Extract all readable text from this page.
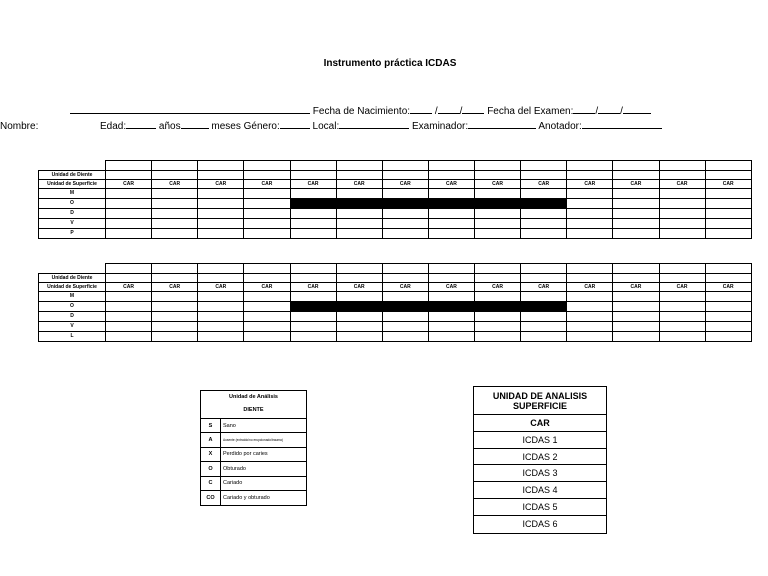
Instrumento práctica ICDAS
Fecha de Nacimiento: / / Fecha del Examen: / /
Nombre:	Edad:	años	meses Género:	Local:	Examinador:	Anotador:

Unidad de Diente														
Unidad de Superficie	CAR	CAR	CAR	CAR	CAR	CAR	CAR	CAR	CAR	CAR	CAR	CAR	CAR	CAR
M														
O														
D														
V														
P														

Unidad de Diente														
Unidad de Superficie	CAR	CAR	CAR	CAR	CAR	CAR	CAR	CAR	CAR	CAR	CAR	CAR	CAR	CAR
M														
O														
D														
V														
L														
Unidad de Análisis
DIENTE
S	Sano
A	Ausente (extraído/no erupcionado/trauma)
X	Perdido por caries
O	Obturado
C	Cariado
CO	Cariado y obturado
UNIDAD DE ANALISIS
SUPERFICIE
CAR
ICDAS 1
ICDAS 2
ICDAS 3
ICDAS 4
ICDAS 5
ICDAS 6
